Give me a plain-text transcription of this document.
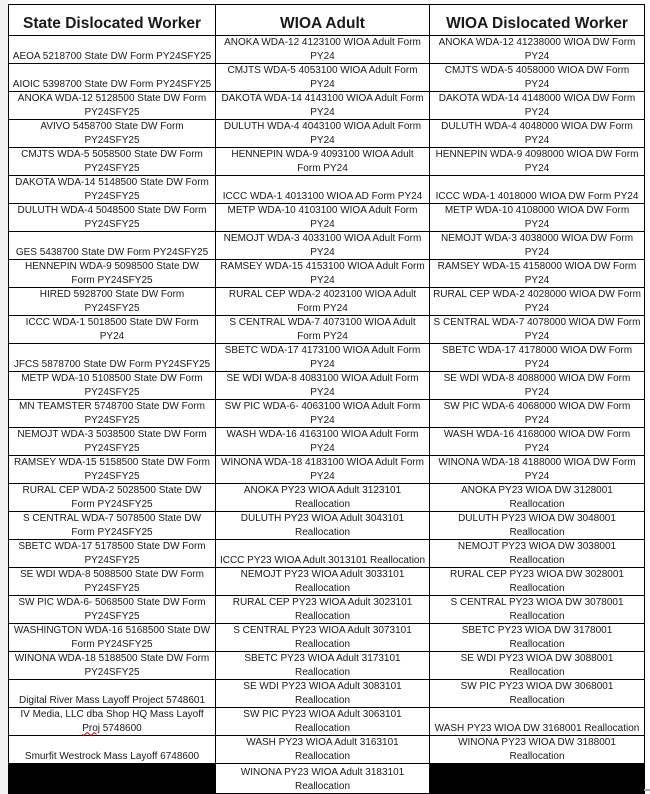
State Dislocated Worker	WIOA Adult	WIOA Dislocated Worker
AEOA 5218700 State DW Form PY24SFY25	ANOKA WDA-12 4123100 WIOA Adult Form PY24	ANOKA WDA-12 41238000 WIOA DW Form PY24
AIOIC 5398700 State DW Form PY24SFY25	CMJTS WDA-5 4053100 WIOA Adult Form PY24	CMJTS WDA-5 4058000 WIOA DW Form PY24
ANOKA WDA-12 5128500 State DW Form PY24SFY25	DAKOTA WDA-14 4143100 WIOA Adult Form PY24	DAKOTA WDA-14 4148000 WIOA DW Form PY24
AVIVO 5458700 State DW Form PY24SFY25	DULUTH WDA-4 4043100 WIOA Adult Form PY24	DULUTH WDA-4 4048000 WIOA DW Form PY24
CMJTS WDA-5 5058500 State DW Form PY24SFY25	HENNEPIN WDA-9 4093100 WIOA Adult Form PY24	HENNEPIN WDA-9 4098000 WIOA DW Form PY24
DAKOTA WDA-14 5148500 State DW Form PY24SFY25	ICCC WDA-1 4013100 WIOA AD Form PY24	ICCC WDA-1 4018000 WIOA DW Form PY24
DULUTH WDA-4 5048500 State DW Form PY24SFY25	METP WDA-10 4103100 WIOA Adult Form PY24	METP WDA-10 4108000 WIOA DW Form PY24
GES 5438700 State DW Form PY24SFY25	NEMOJT WDA-3 4033100 WIOA Adult Form PY24	NEMOJT WDA-3 4038000 WIOA DW Form PY24
HENNEPIN WDA-9 5098500 State DW Form PY24SFY25	RAMSEY WDA-15 4153100 WIOA Adult Form PY24	RAMSEY WDA-15 4158000 WIOA DW Form PY24
HIRED 5928700 State DW Form PY24SFY25	RURAL CEP WDA-2 4023100 WIOA Adult Form PY24	RURAL CEP WDA-2 4028000 WIOA DW Form PY24
ICCC WDA-1 5018500 State DW Form PY24	S CENTRAL WDA-7 4073100 WIOA Adult Form PY24	S CENTRAL WDA-7 4078000 WIOA DW Form PY24
JFCS 5878700 State DW Form PY24SFY25	SBETC WDA-17 4173100 WIOA Adult Form PY24	SBETC WDA-17 4178000 WIOA DW Form PY24
METP WDA-10 5108500 State DW Form PY24SFY25	SE WDI WDA-8 4083100 WIOA Adult Form PY24	SE WDI WDA-8 4088000 WIOA DW Form PY24
MN TEAMSTER 5748700 State DW Form PY24SFY25	SW PIC WDA-6- 4063100 WIOA Adult Form PY24	SW PIC WDA-6 4068000 WIOA DW Form PY24
NEMOJT WDA-3 5038500 State DW Form PY24SFY25	WASH WDA-16 4163100 WIOA Adult Form PY24	WASH WDA-16 4168000 WIOA DW Form PY24
RAMSEY WDA-15 5158500 State DW Form PY24SFY25	WINONA WDA-18 4183100 WIOA Adult Form PY24	WINONA WDA-18 4188000 WIOA DW Form PY24
RURAL CEP WDA-2 5028500 State DW Form PY24SFY25	ANOKA PY23 WIOA Adult 3123101 Reallocation	ANOKA PY23 WIOA DW 3128001 Reallocation
S CENTRAL WDA-7 5078500 State DW Form PY24SFY25	DULUTH PY23 WIOA Adult 3043101 Reallocation	DULUTH PY23 WIOA DW 3048001 Reallocation
SBETC WDA-17 5178500 State DW Form PY24SFY25	ICCC PY23 WIOA Adult 3013101 Reallocation	NEMOJT PY23 WIOA DW 3038001 Reallocation
SE WDI WDA-8 5088500 State DW Form PY24SFY25	NEMOJT PY23 WIOA Adult 3033101 Reallocation	RURAL CEP PY23 WIOA DW 3028001 Reallocation
SW PIC WDA-6- 5068500 State DW Form PY24SFY25	RURAL CEP PY23 WIOA Adult 3023101 Reallocation	S CENTRAL PY23 WIOA DW 3078001 Reallocation
WASHINGTON WDA-16 5168500 State DW Form PY24SFY25	S CENTRAL PY23 WIOA Adult 3073101 Reallocation	SBETC PY23 WIOA DW 3178001 Reallocation
WINONA WDA-18 5188500 State DW Form PY24SFY25	SBETC PY23 WIOA Adult 3173101 Reallocation	SE WDI PY23 WIOA DW 3088001 Reallocation
Digital River Mass Layoff Project 5748601	SE WDI PY23 WIOA Adult 3083101 Reallocation	SW PIC PY23 WIOA DW 3068001 Reallocation
IV Media, LLC dba Shop HQ Mass Layoff Proj 5748600	SW PIC PY23 WIOA Adult 3063101 Reallocation	WASH PY23 WIOA DW 3168001 Reallocation
Smurfit Westrock Mass Layoff 6748600	WASH PY23 WIOA Adult 3163101 Reallocation	WINONA PY23 WIOA DW 3188001 Reallocation
	WINONA PY23 WIOA Adult 3183101 Reallocation	
